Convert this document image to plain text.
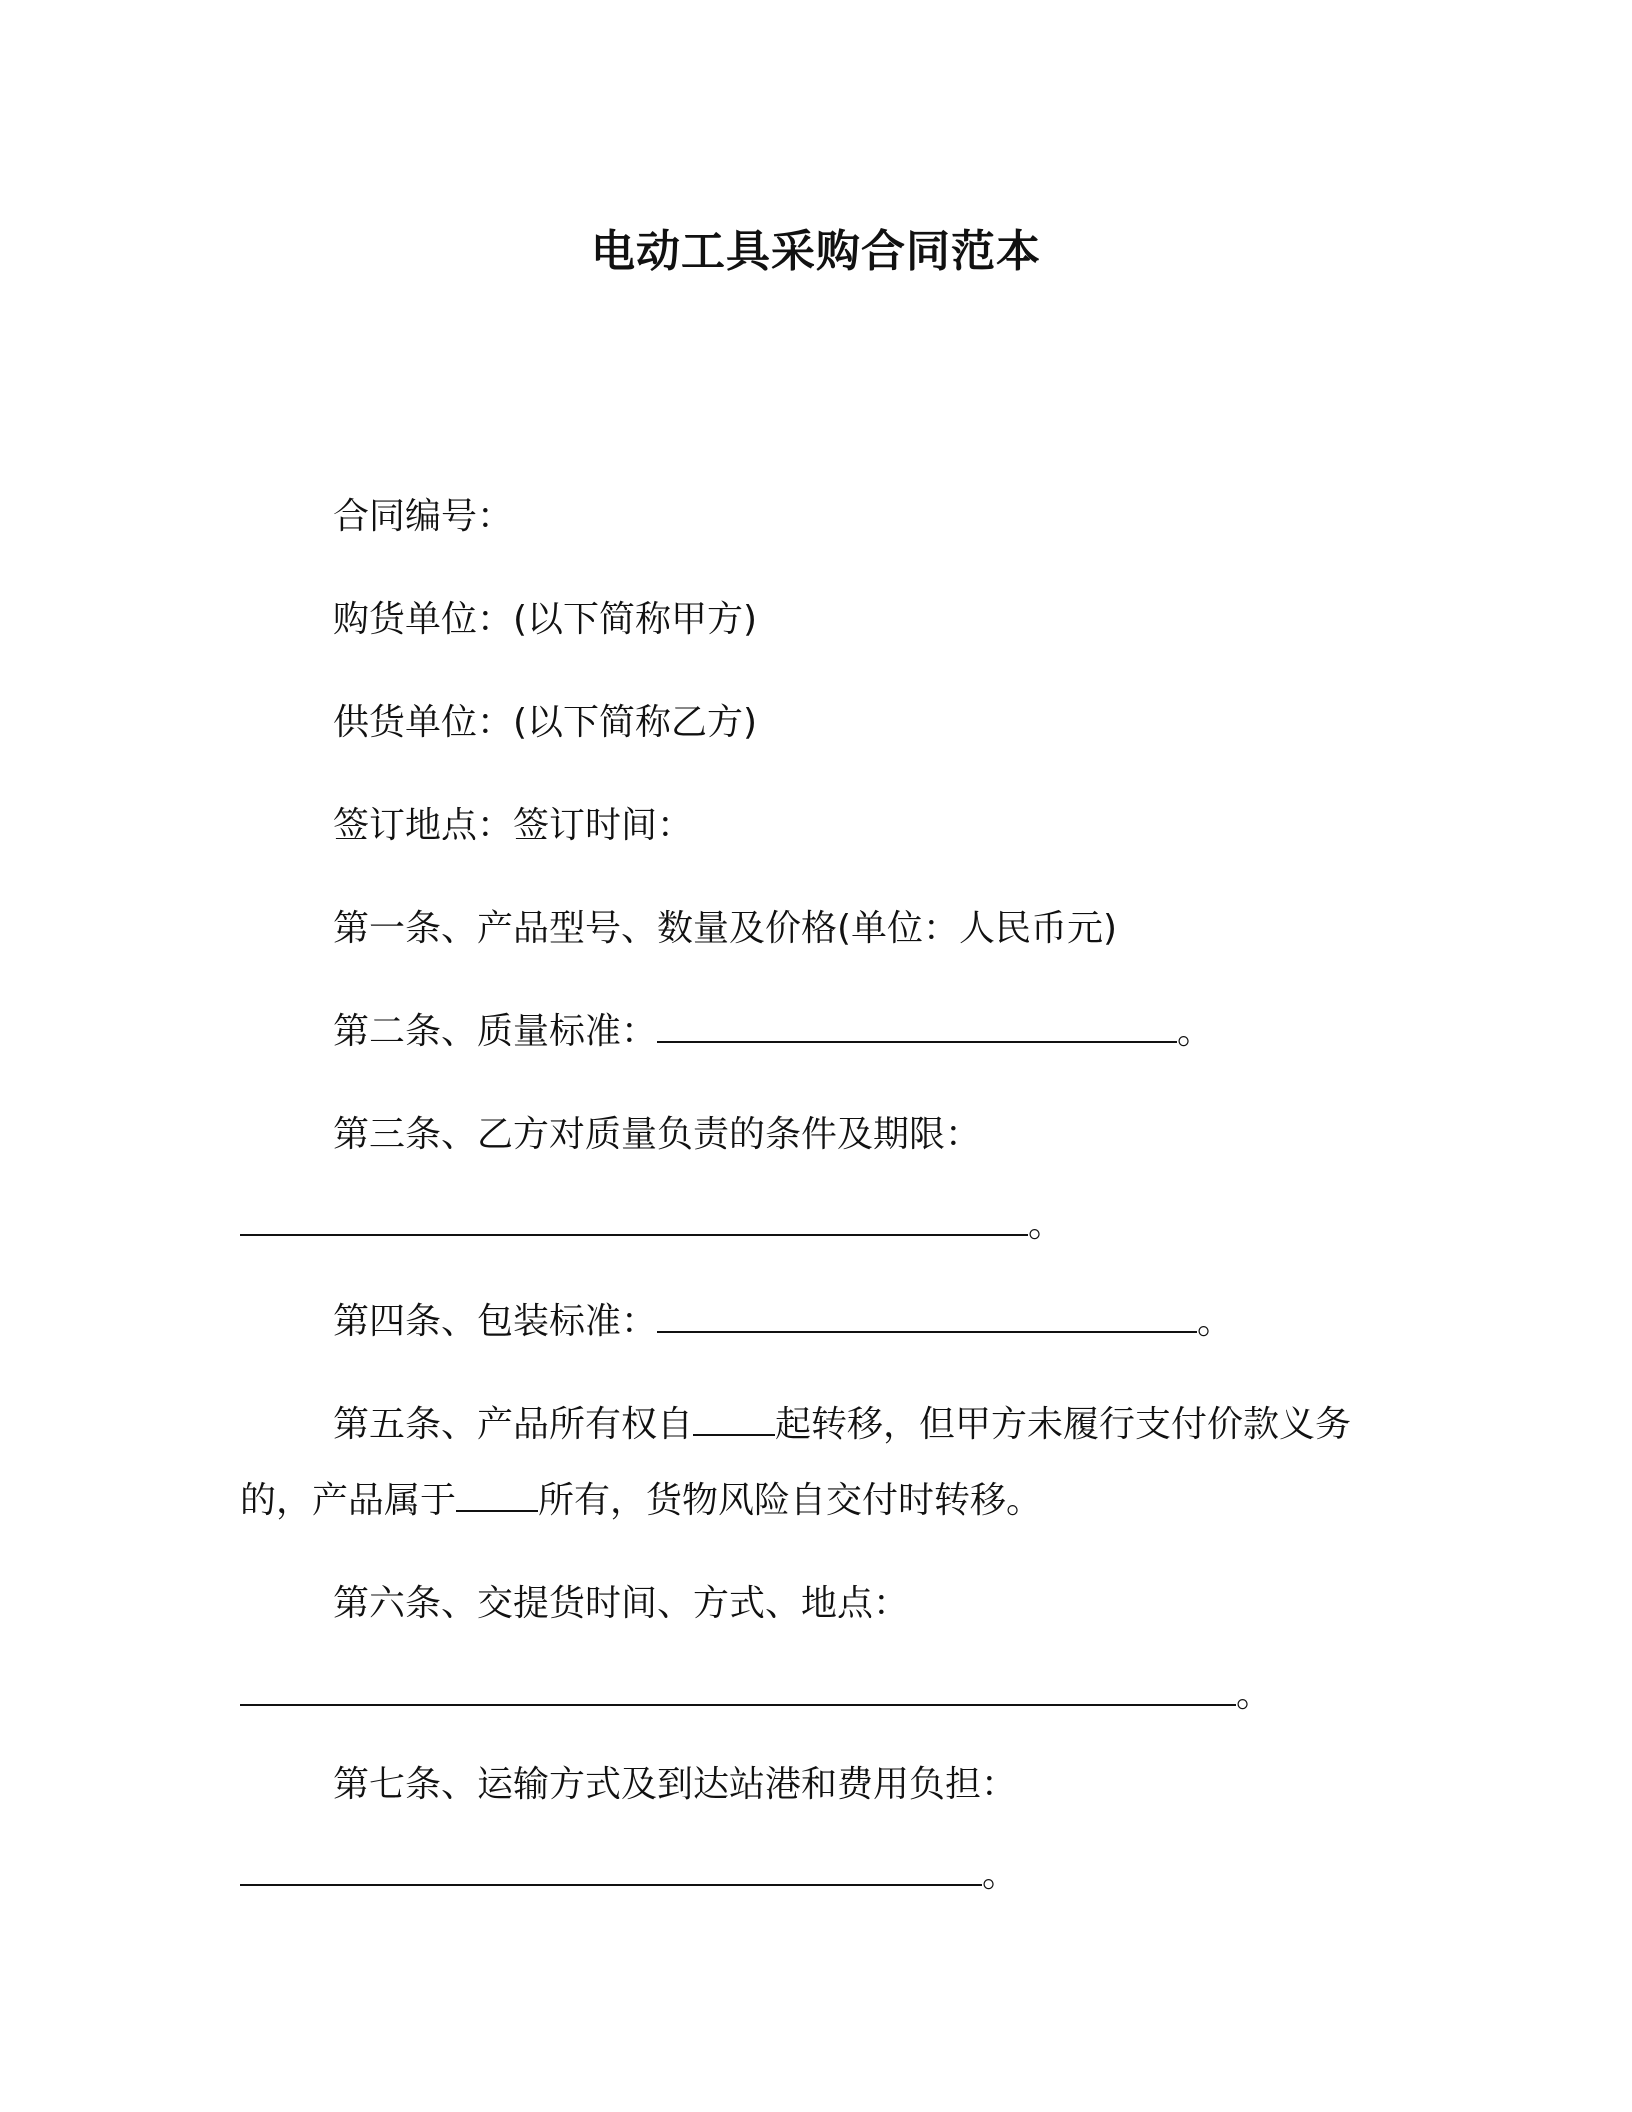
电动工具采购合同范本
合同编号：
购货单位：(以下简称甲方)
供货单位：(以下简称乙方)
签订地点：签订时间：
第一条、产品型号、数量及价格(单位：人民币元)
第二条、质量标准：	。
第三条、乙方对质量负责的条件及期限：
。
第四条、包装标准：	。
第五条、产品所有权自 起转移，但甲方未履行支付价款义务
的，产品属于 所有，货物风险自交付时转移。
第六条、交提货时间、方式、地点：
。
第七条、运输方式及到达站港和费用负担：
。
